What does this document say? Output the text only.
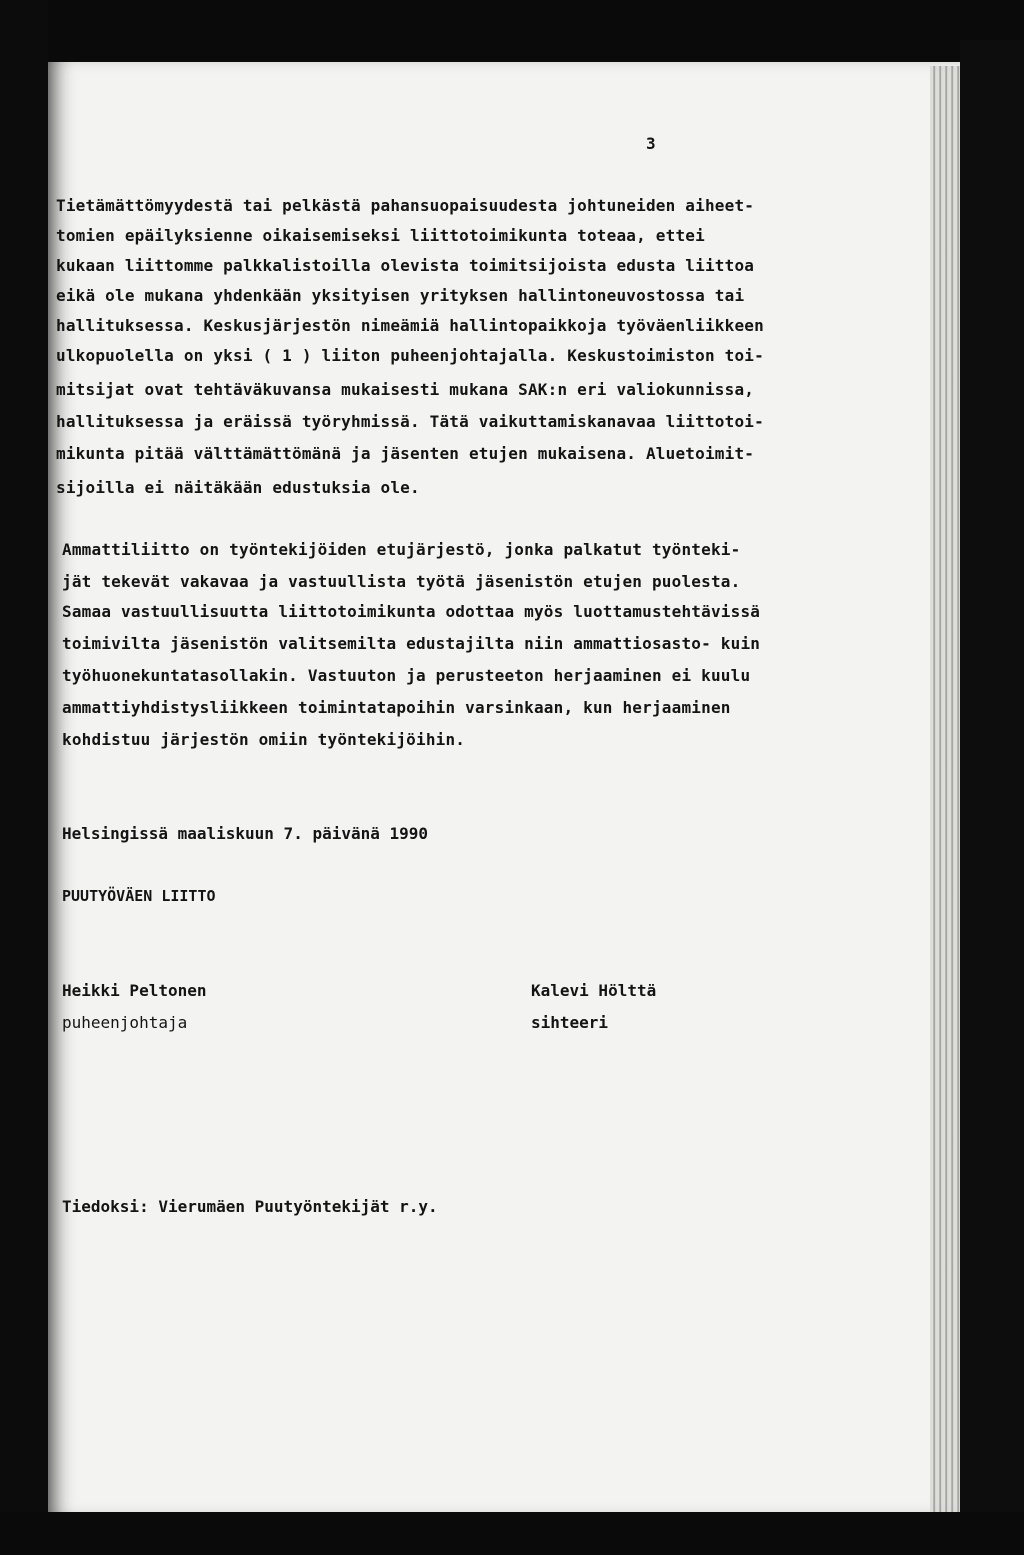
3
Tietämättömyydestä tai pelkästä pahansuopaisuudesta johtuneiden aiheet-
tomien epäilyksienne oikaisemiseksi liittotoimikunta toteaa, ettei
kukaan liittomme palkkalistoilla olevista toimitsijoista edusta liittoa
eikä ole mukana yhdenkään yksityisen yrityksen hallintoneuvostossa tai
hallituksessa. Keskusjärjestön nimeämiä hallintopaikkoja työväenliikkeen
ulkopuolella on yksi ( 1 ) liiton puheenjohtajalla. Keskustoimiston toi-
mitsijat ovat tehtäväkuvansa mukaisesti mukana SAK:n eri valiokunnissa,
hallituksessa ja eräissä työryhmissä. Tätä vaikuttamiskanavaa liittotoi-
mikunta pitää välttämättömänä ja jäsenten etujen mukaisena. Aluetoimit-
sijoilla ei näitäkään edustuksia ole.
Ammattiliitto on työntekijöiden etujärjestö, jonka palkatut työnteki-
jät tekevät vakavaa ja vastuullista työtä jäsenistön etujen puolesta.
Samaa vastuullisuutta liittotoimikunta odottaa myös luottamustehtävissä
toimivilta jäsenistön valitsemilta edustajilta niin ammattiosasto- kuin
työhuonekuntatasollakin. Vastuuton ja perusteeton herjaaminen ei kuulu
ammattiyhdistysliikkeen toimintatapoihin varsinkaan, kun herjaaminen
kohdistuu järjestön omiin työntekijöihin.
Helsingissä maaliskuun 7. päivänä 1990
PUUTYÖVÄEN LIITTO
Heikki Peltonen
puheenjohtaja
Kalevi Hölttä
sihteeri
Tiedoksi: Vierumäen Puutyöntekijät r.y.
